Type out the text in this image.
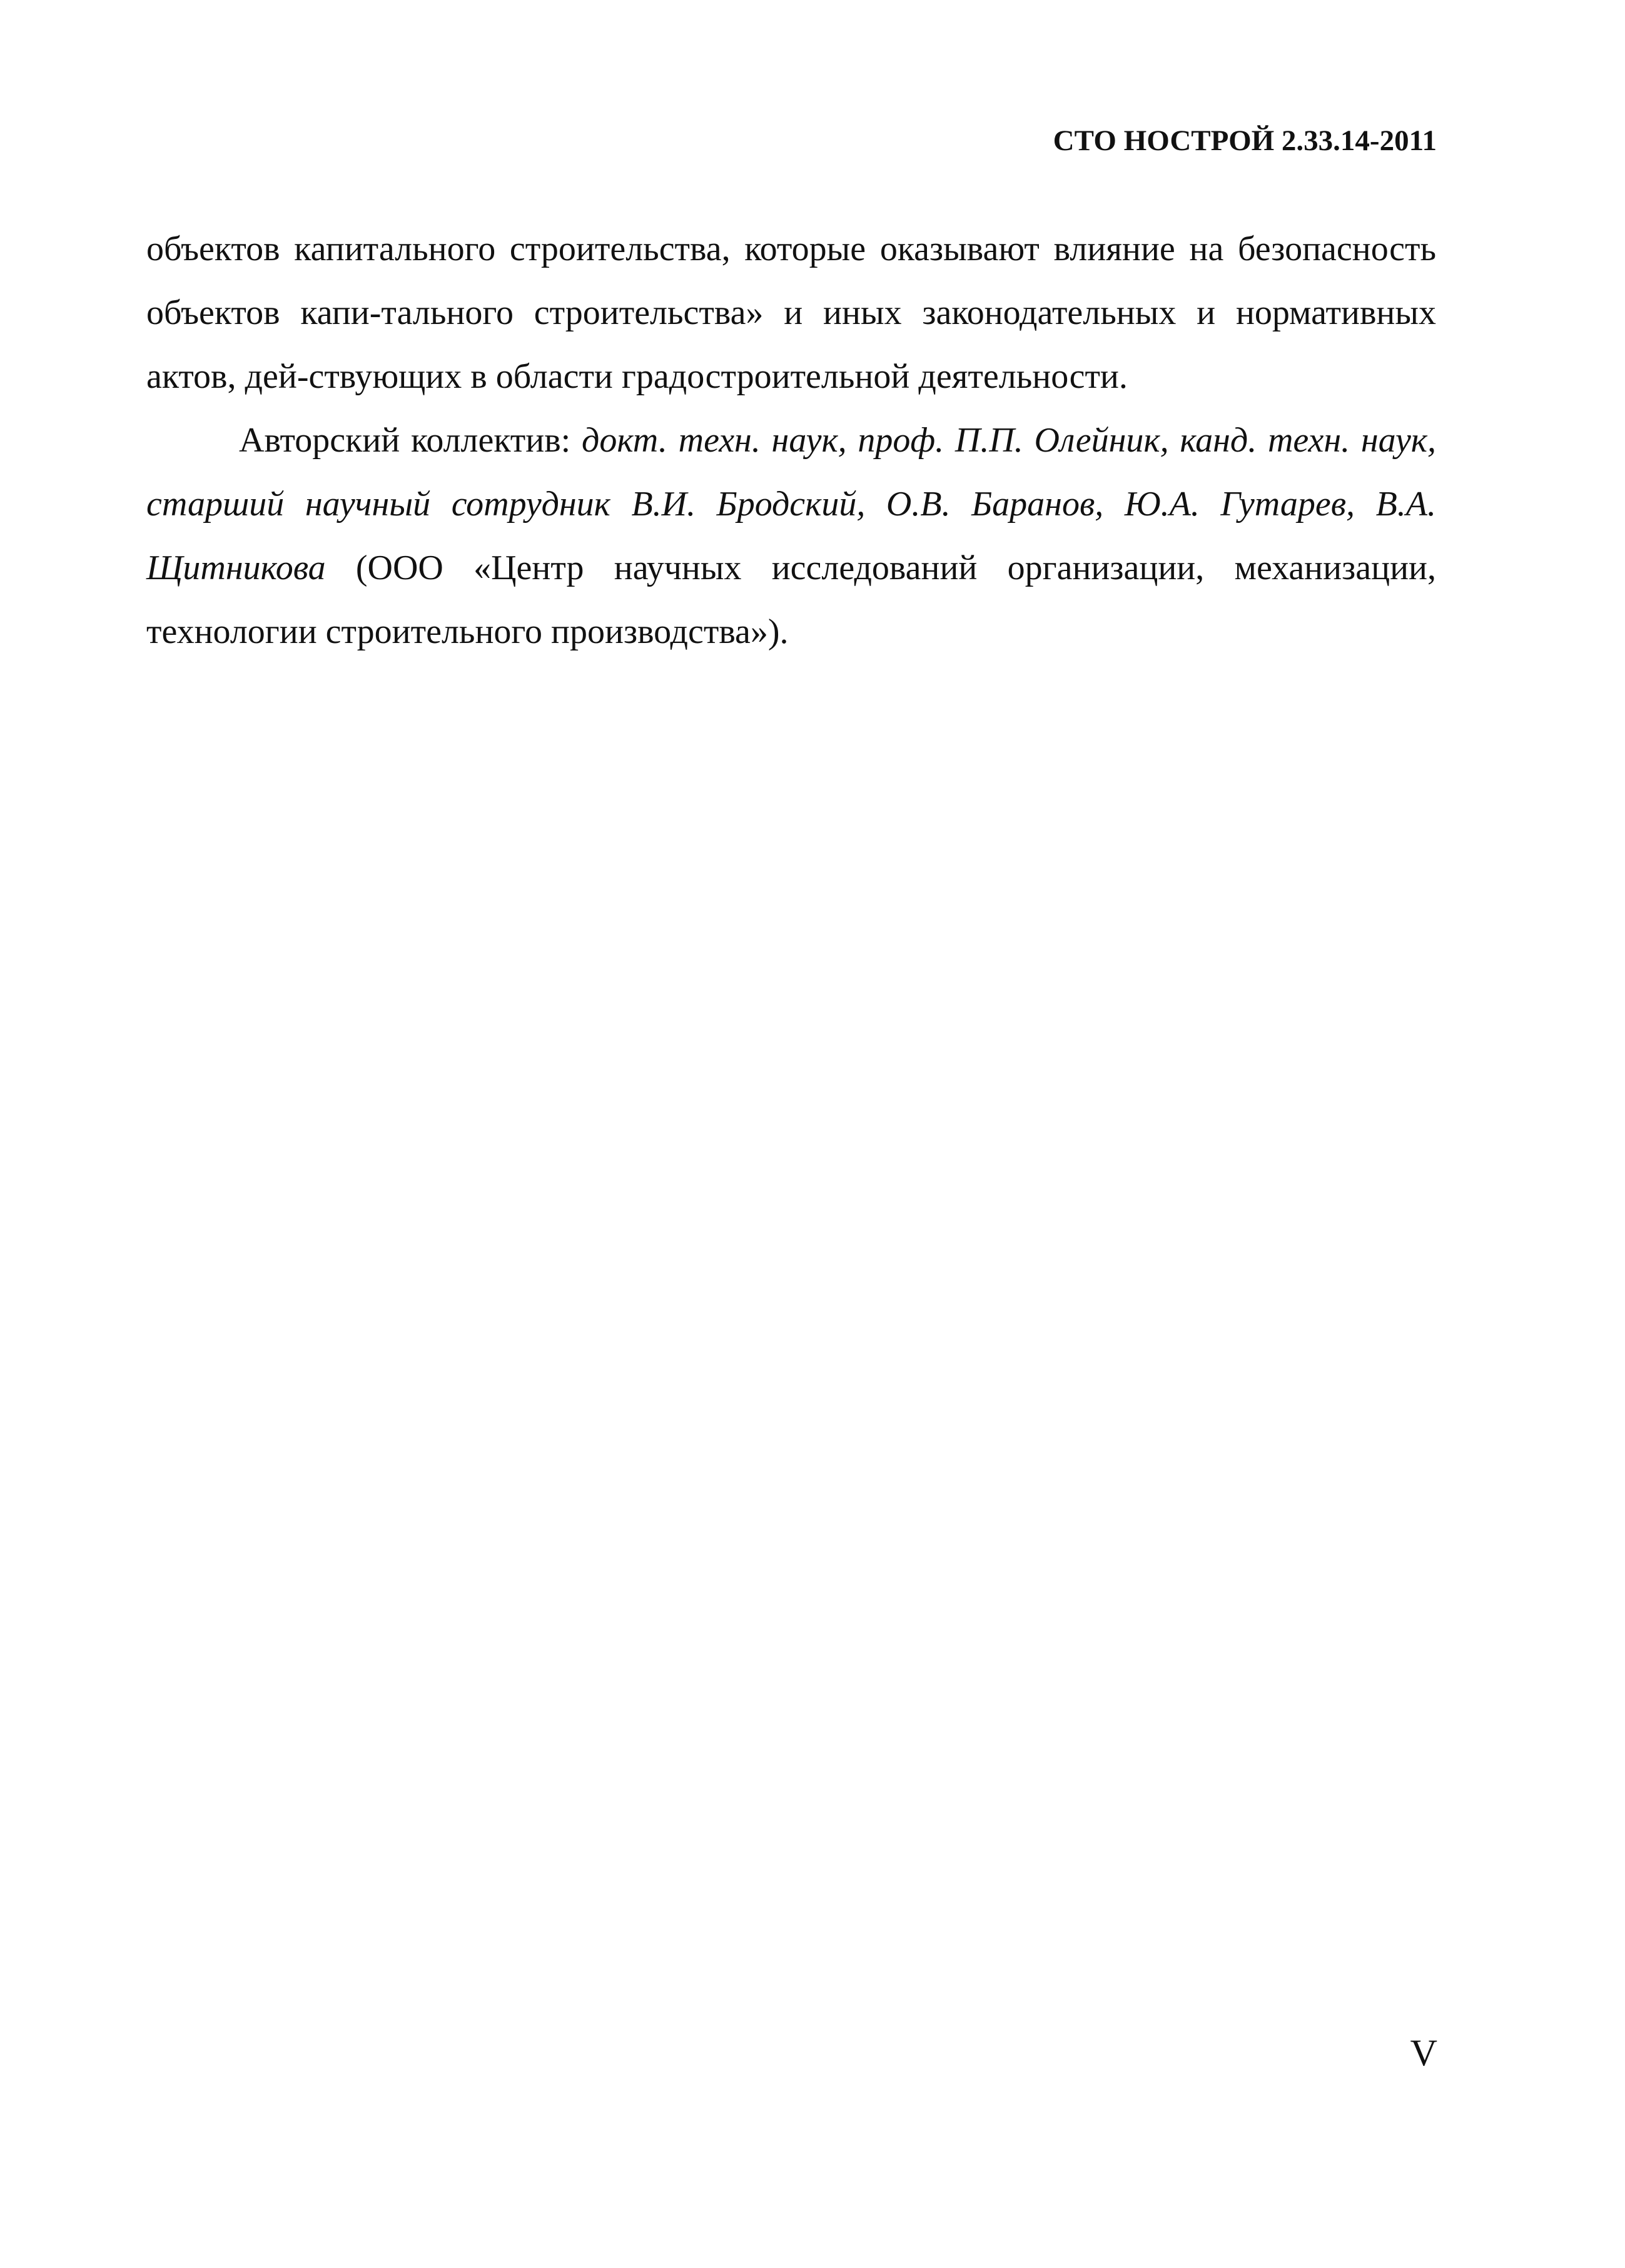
СТО НОСТРОЙ 2.33.14-2011

объектов капитального строительства, которые оказывают влияние на безопасность объектов капи-тального строительства» и иных законодательных и нормативных актов, дей-ствующих в области градостроительной деятельности.

Авторский коллектив: докт. техн. наук, проф. П.П. Олейник, канд. техн. наук, старший научный сотрудник В.И. Бродский, О.В. Баранов, Ю.А. Гутарев, В.А. Щитникова (ООО «Центр научных исследований организации, механизации, технологии строительного производства»).

V
